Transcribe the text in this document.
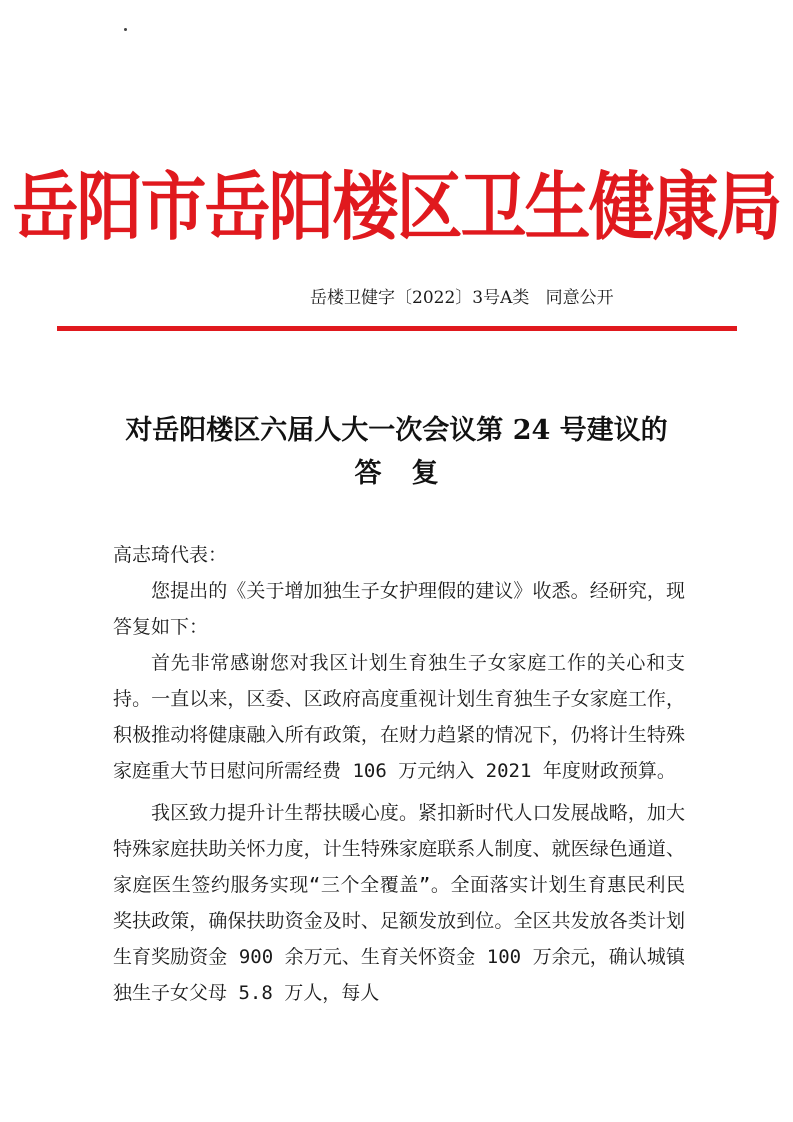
岳阳市岳阳楼区卫生健康局
岳楼卫健字〔2022〕3号A类   同意公开
对岳阳楼区六届人大一次会议第 24 号建议的
答复

高志琦代表：

您提出的《关于增加独生子女护理假的建议》收悉。经研究，现答复如下：

首先非常感谢您对我区计划生育独生子女家庭工作的关心和支持。一直以来，区委、区政府高度重视计划生育独生子女家庭工作，积极推动将健康融入所有政策，在财力趋紧的情况下，仍将计生特殊家庭重大节日慰问所需经费 106 万元纳入 2021 年度财政预算。

我区致力提升计生帮扶暖心度。紧扣新时代人口发展战略，加大特殊家庭扶助关怀力度，计生特殊家庭联系人制度、就医绿色通道、家庭医生签约服务实现“三个全覆盖”。全面落实计划生育惠民利民奖扶政策，确保扶助资金及时、足额发放到位。全区共发放各类计划生育奖励资金 900 余万元、生育关怀资金 100 万余元，确认城镇独生子女父母 5.8 万人，每人
